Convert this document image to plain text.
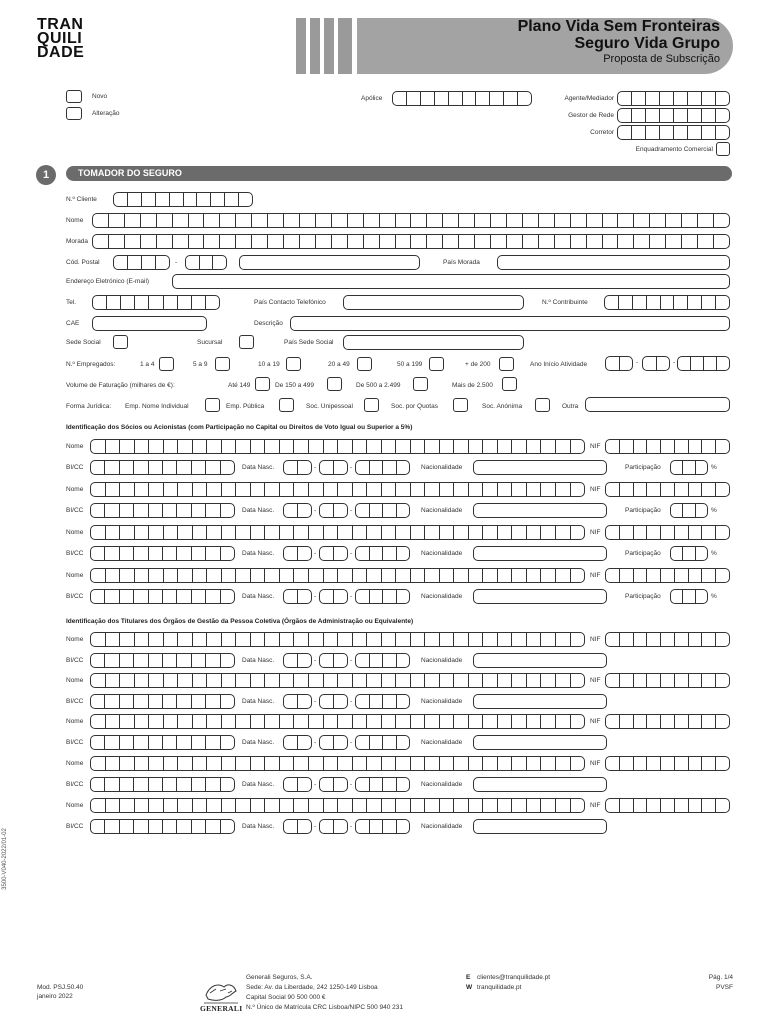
TRAN
QUILI
DADE
Plano Vida Sem Fronteiras
Seguro Vida Grupo
Proposta de Subscrição
Novo
Alteração
Apólice	Agente/Mediador
Gestor de Rede
Corretor
Enquadramento Comercial
1	TOMADOR DO SEGURO
N.º Cliente
Nome
Morada
Cód. Postal	-	País Morada
Endereço Eletrónico (E-mail)
Tel.	País Contacto Telefónico	N.º Contribuinte
CAE	Descrição
Sede Social	Sucursal	País Sede Social
N.º Empregados:	1 a 4	5 a 9	10 a 19	20 a 49	50 a 199	+ de 200	Ano Início Atividade	-	-
Volume de Faturação (milhares de €):	Até 149	De 150 a 499	De 500 a 2.499	Mais de 2.500
Forma Jurídica: Emp. Nome Individual	Emp. Pública	Soc. Unipessoal	Soc. por Quotas	Soc. Anónima	Outra
Identificação dos Sócios ou Acionistas (com Participação no Capital ou Direitos de Voto Igual ou Superior a 5%)
Nome	NIF
BI/CC	Data Nasc.	-	-	Nacionalidade	Participação	%
Nome	NIF
BI/CC	Data Nasc.	-	-	Nacionalidade	Participação	%
Nome	NIF
BI/CC	Data Nasc.	-	-	Nacionalidade	Participação	%
Nome	NIF
BI/CC	Data Nasc.	-	-	Nacionalidade	Participação	%
Identificação dos Titulares dos Órgãos de Gestão da Pessoa Coletiva (Órgãos de Administração ou Equivalente)
Nome	NIF
BI/CC	Data Nasc.	-	-	Nacionalidade
Nome	NIF
BI/CC	Data Nasc.	-	-	Nacionalidade
Nome	NIF
BI/CC	Data Nasc.	-	-	Nacionalidade
Nome	NIF
BI/CC	Data Nasc.	-	-	Nacionalidade
Nome	NIF
BI/CC	Data Nasc.	-	-	Nacionalidade
3500-V040-2022/01-02
Mod. PSJ.50.40
janeiro 2022
GENERALI
Generali Seguros, S.A.
Sede: Av. da Liberdade, 242 1250-149 Lisboa
Capital Social 90 500 000 €
N.º Único de Matrícula CRC Lisboa/NIPC 500 940 231
E clientes@tranquilidade.pt
W tranquilidade.pt
Pág. 1/4
PVSF
